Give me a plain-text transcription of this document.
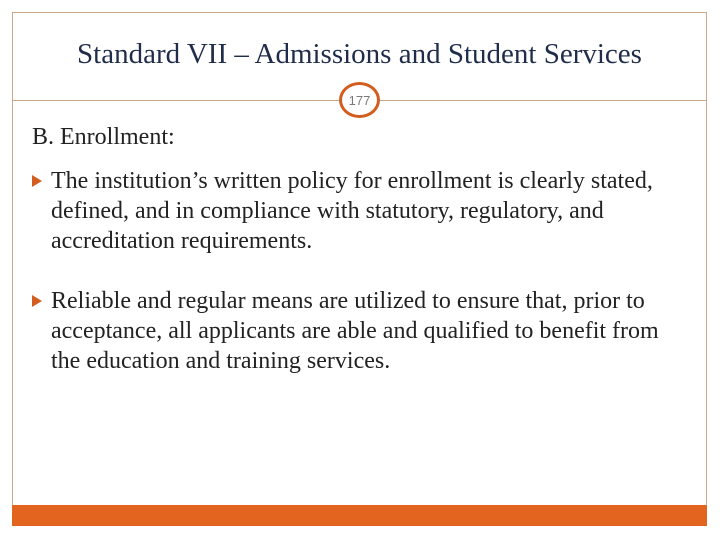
Standard VII – Admissions and Student Services
177
B. Enrollment:
The institution’s written policy for enrollment is clearly stated, defined, and in compliance with statutory, regulatory, and accreditation requirements.
Reliable and regular means are utilized to ensure that, prior to acceptance, all applicants are able and qualified to benefit from the education and training services.
